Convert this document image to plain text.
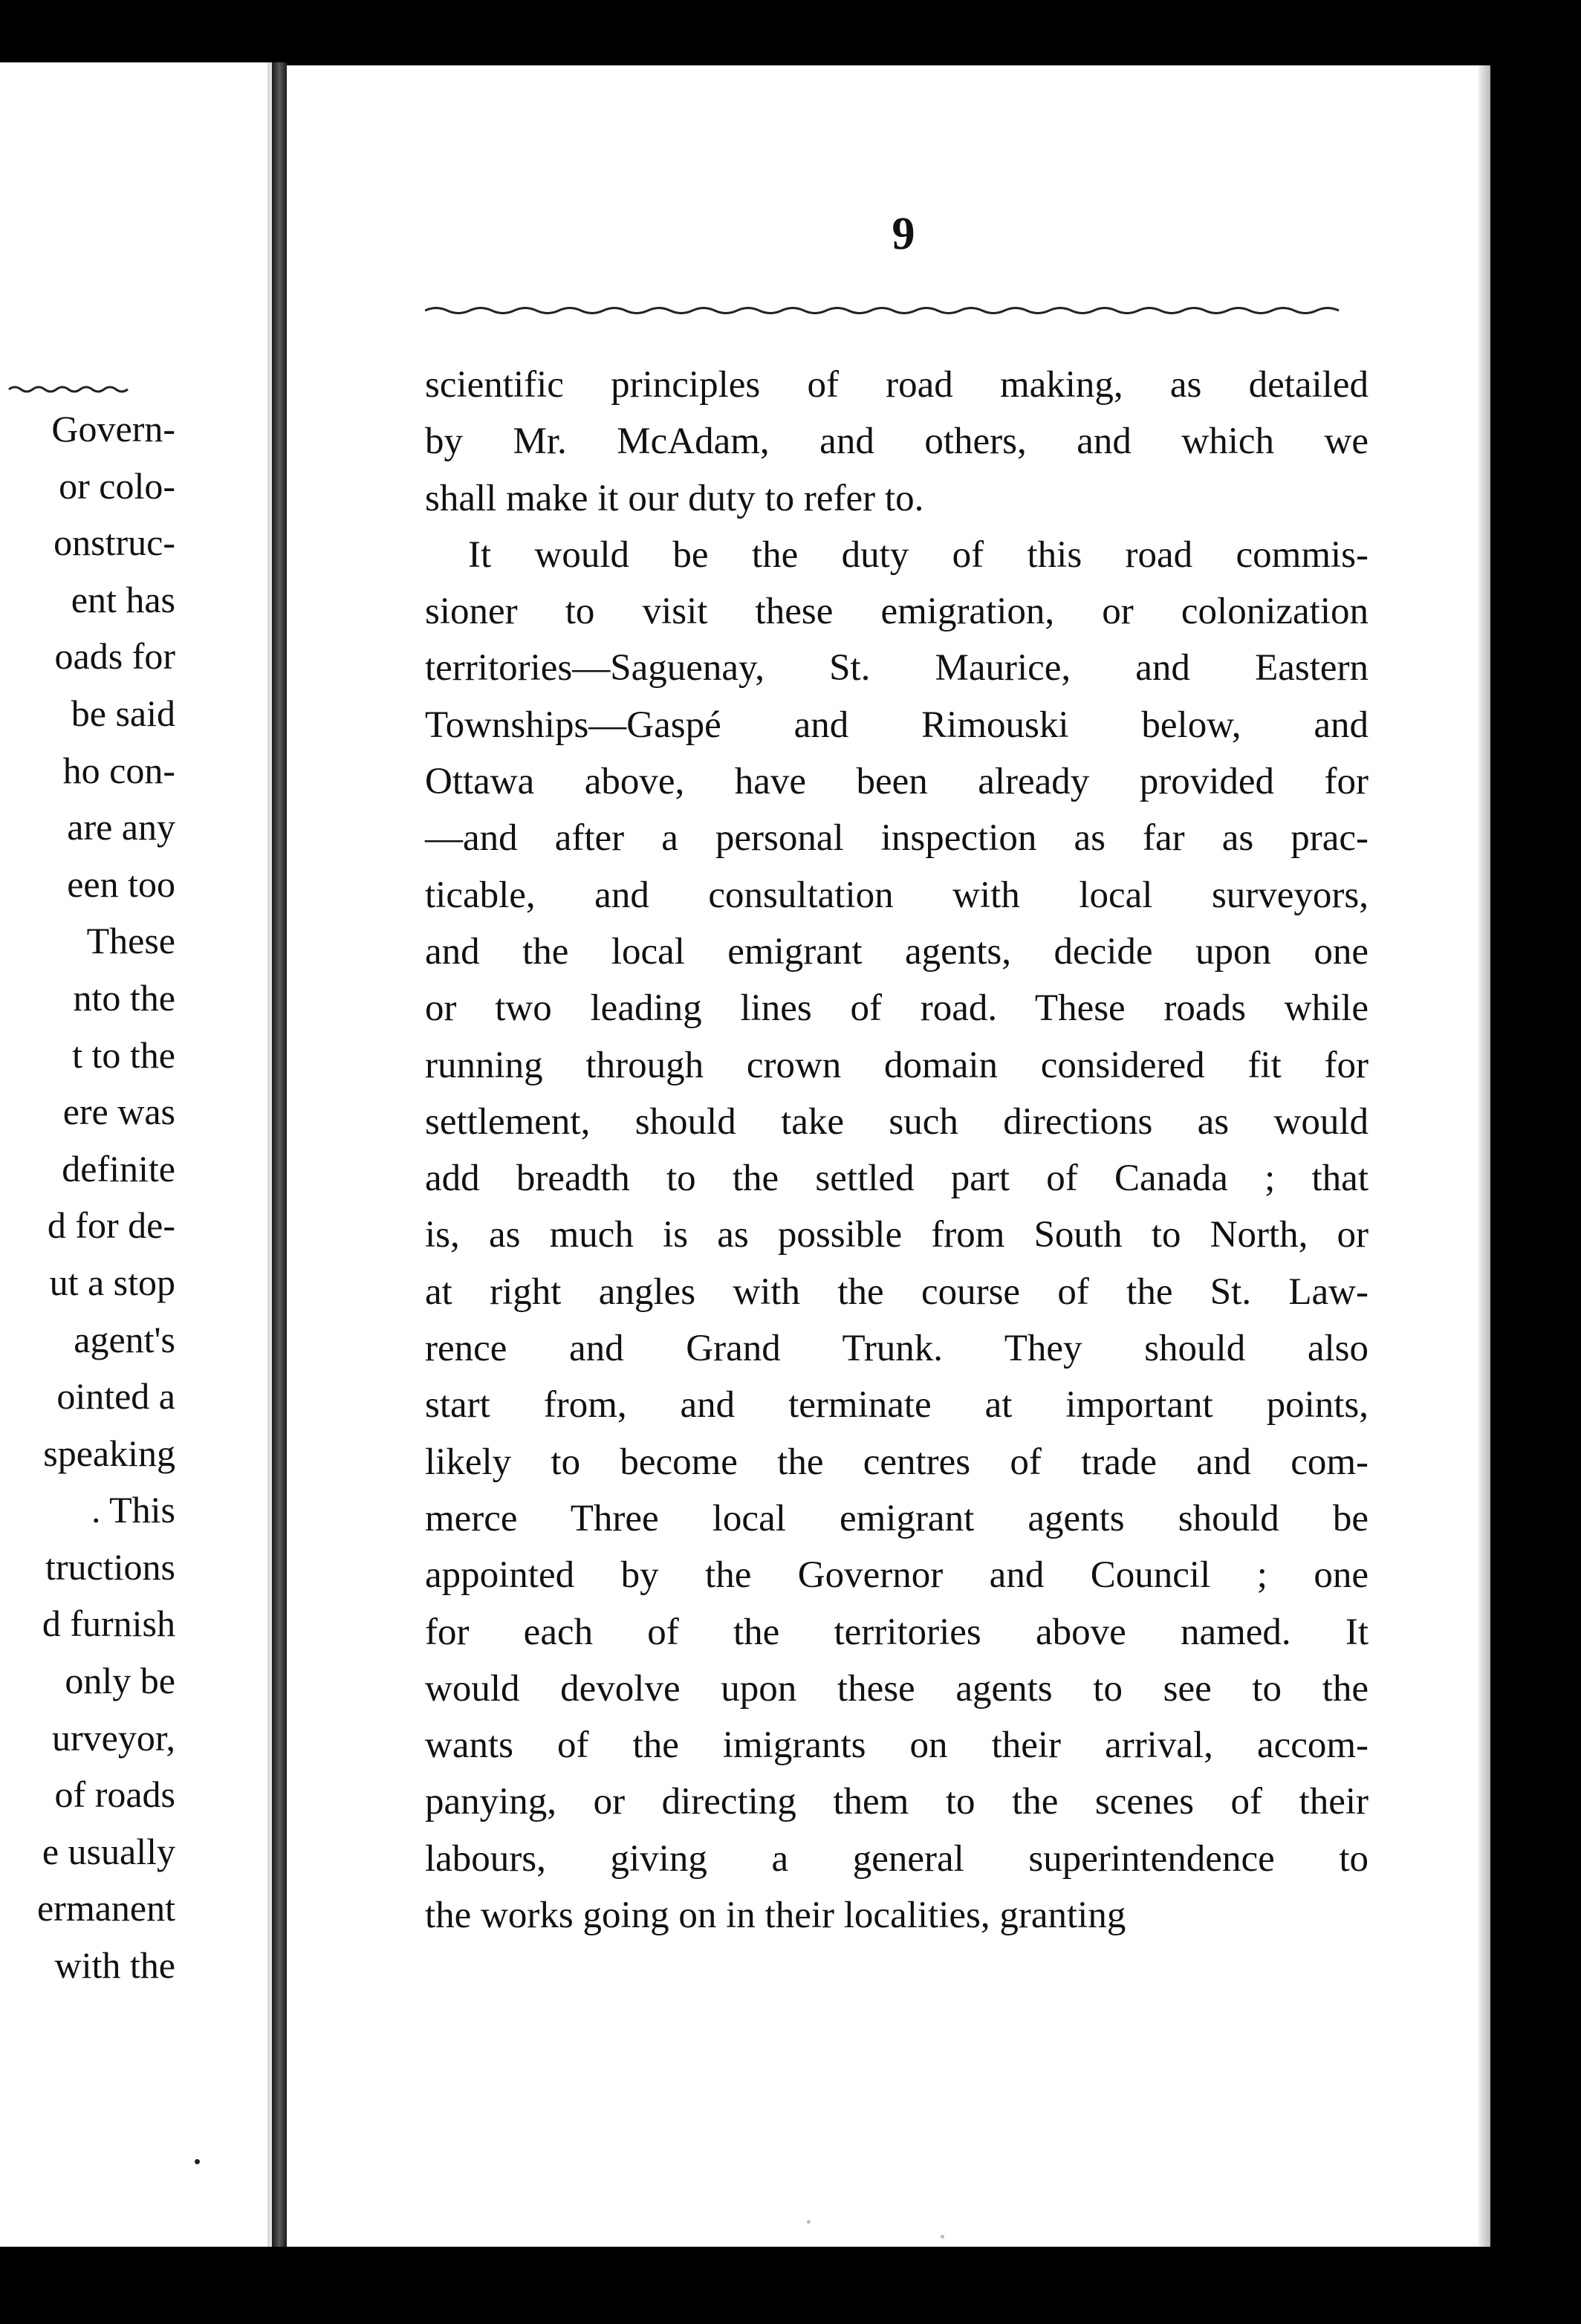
Govern-
or colo-
onstruc-
ent has
oads for
be said
ho con-
are any
een too
These
nto the
t to the
ere was
definite
d for de-
ut a stop
agent's
ointed a
speaking
. This
tructions
d furnish
only be
urveyor,
of roads
e usually
ermanent
with the
9
scientific principles of road making, as detailed
by Mr. McAdam, and others, and which we
shall make it our duty to refer to.
It would be the duty of this road commis-
sioner to visit these emigration, or colonization
territories—Saguenay, St. Maurice, and Eastern
Townships—Gaspé and Rimouski below, and
Ottawa above, have been already provided for
—and after a personal inspection as far as prac-
ticable, and consultation with local surveyors,
and the local emigrant agents, decide upon one
or two leading lines of road. These roads while
running through crown domain considered fit for
settlement, should take such directions as would
add breadth to the settled part of Canada ; that
is, as much is as possible from South to North, or
at right angles with the course of the St. Law-
rence and Grand Trunk. They should also
start from, and terminate at important points,
likely to become the centres of trade and com-
merce Three local emigrant agents should be
appointed by the Governor and Council ; one
for each of the territories above named. It
would devolve upon these agents to see to the
wants of the imigrants on their arrival, accom-
panying, or directing them to the scenes of their
labours, giving a general superintendence to
the works going on in their localities, granting
